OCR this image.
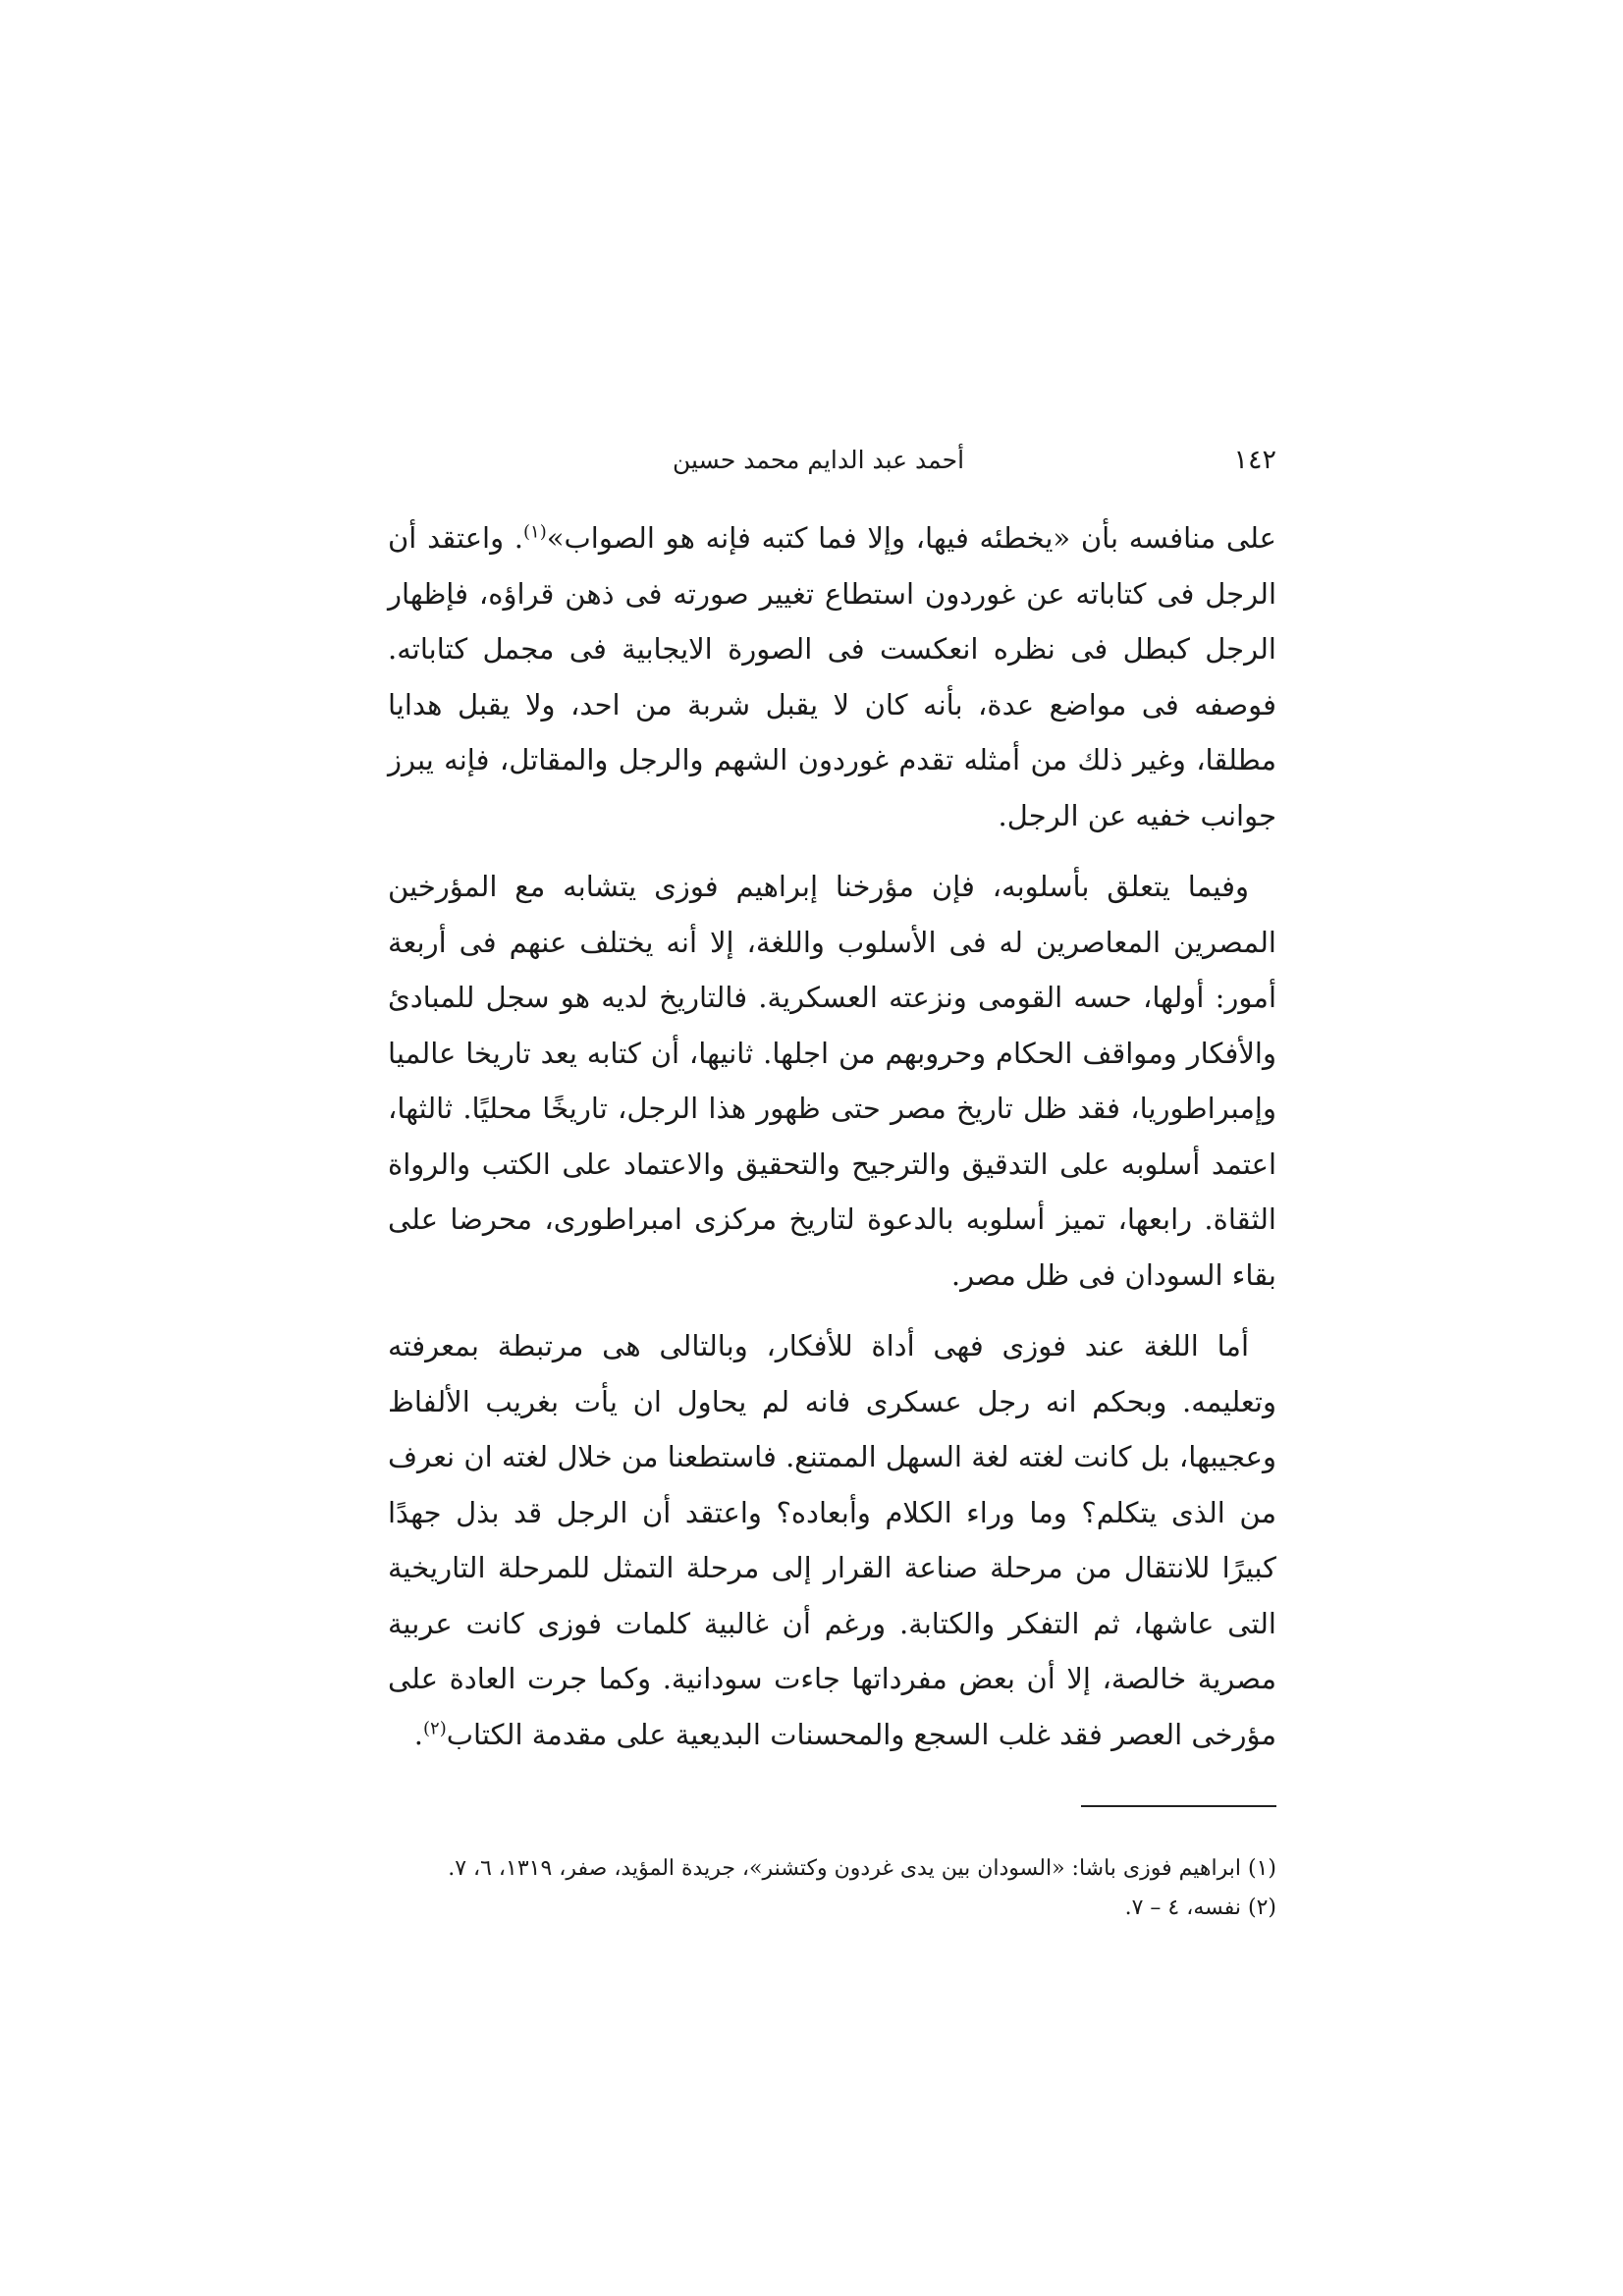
١٤٢
أحمد عبد الدايم محمد حسين

على منافسه بأن «يخطئه فيها، وإلا فما كتبه فإنه هو الصواب»$^{(١)}$. واعتقد أن الرجل فى كتاباته عن غوردون استطاع تغيير صورته فى ذهن قراؤه، فإظهار الرجل كبطل فى نظره انعكست فى الصورة الايجابية فى مجمل كتاباته. فوصفه فى مواضع عدة، بأنه كان لا يقبل شربة من احد، ولا يقبل هدايا مطلقا، وغير ذلك من أمثله تقدم غوردون الشهم والرجل والمقاتل، فإنه يبرز جوانب خفيه عن الرجل.

وفيما يتعلق بأسلوبه، فإن مؤرخنا إبراهيم فوزى يتشابه مع المؤرخين المصرين المعاصرين له فى الأسلوب واللغة، إلا أنه يختلف عنهم فى أربعة أمور: أولها، حسه القومى ونزعته العسكرية. فالتاريخ لديه هو سجل للمبادئ والأفكار ومواقف الحكام وحروبهم من اجلها. ثانيها، أن كتابه يعد تاريخا عالميا وإمبراطوريا، فقد ظل تاريخ مصر حتى ظهور هذا الرجل، تاريخًا محليًا. ثالثها، اعتمد أسلوبه على التدقيق والترجيح والتحقيق والاعتماد على الكتب والرواة الثقاة. رابعها، تميز أسلوبه بالدعوة لتاريخ مركزى امبراطورى، محرضا على بقاء السودان فى ظل مصر.

أما اللغة عند فوزى فهى أداة للأفكار، وبالتالى هى مرتبطة بمعرفته وتعليمه. وبحكم انه رجل عسكرى فانه لم يحاول ان يأت بغريب الألفاظ وعجيبها، بل كانت لغته لغة السهل الممتنع. فاستطعنا من خلال لغته ان نعرف من الذى يتكلم؟ وما وراء الكلام وأبعاده؟ واعتقد أن الرجل قد بذل جهدًا كبيرًا للانتقال من مرحلة صناعة القرار إلى مرحلة التمثل للمرحلة التاريخية التى عاشها، ثم التفكر والكتابة. ورغم أن غالبية كلمات فوزى كانت عربية مصرية خالصة، إلا أن بعض مفرداتها جاءت سودانية. وكما جرت العادة على مؤرخى العصر فقد غلب السجع والمحسنات البديعية على مقدمة الكتاب$^{(٢)}$.

(١) ابراهيم فوزى باشا: «السودان بين يدى غردون وكتشنر»، جريدة المؤيد، صفر، ١٣١٩، ٦، ٧.

(٢) نفسه، ٤ – ٧.
